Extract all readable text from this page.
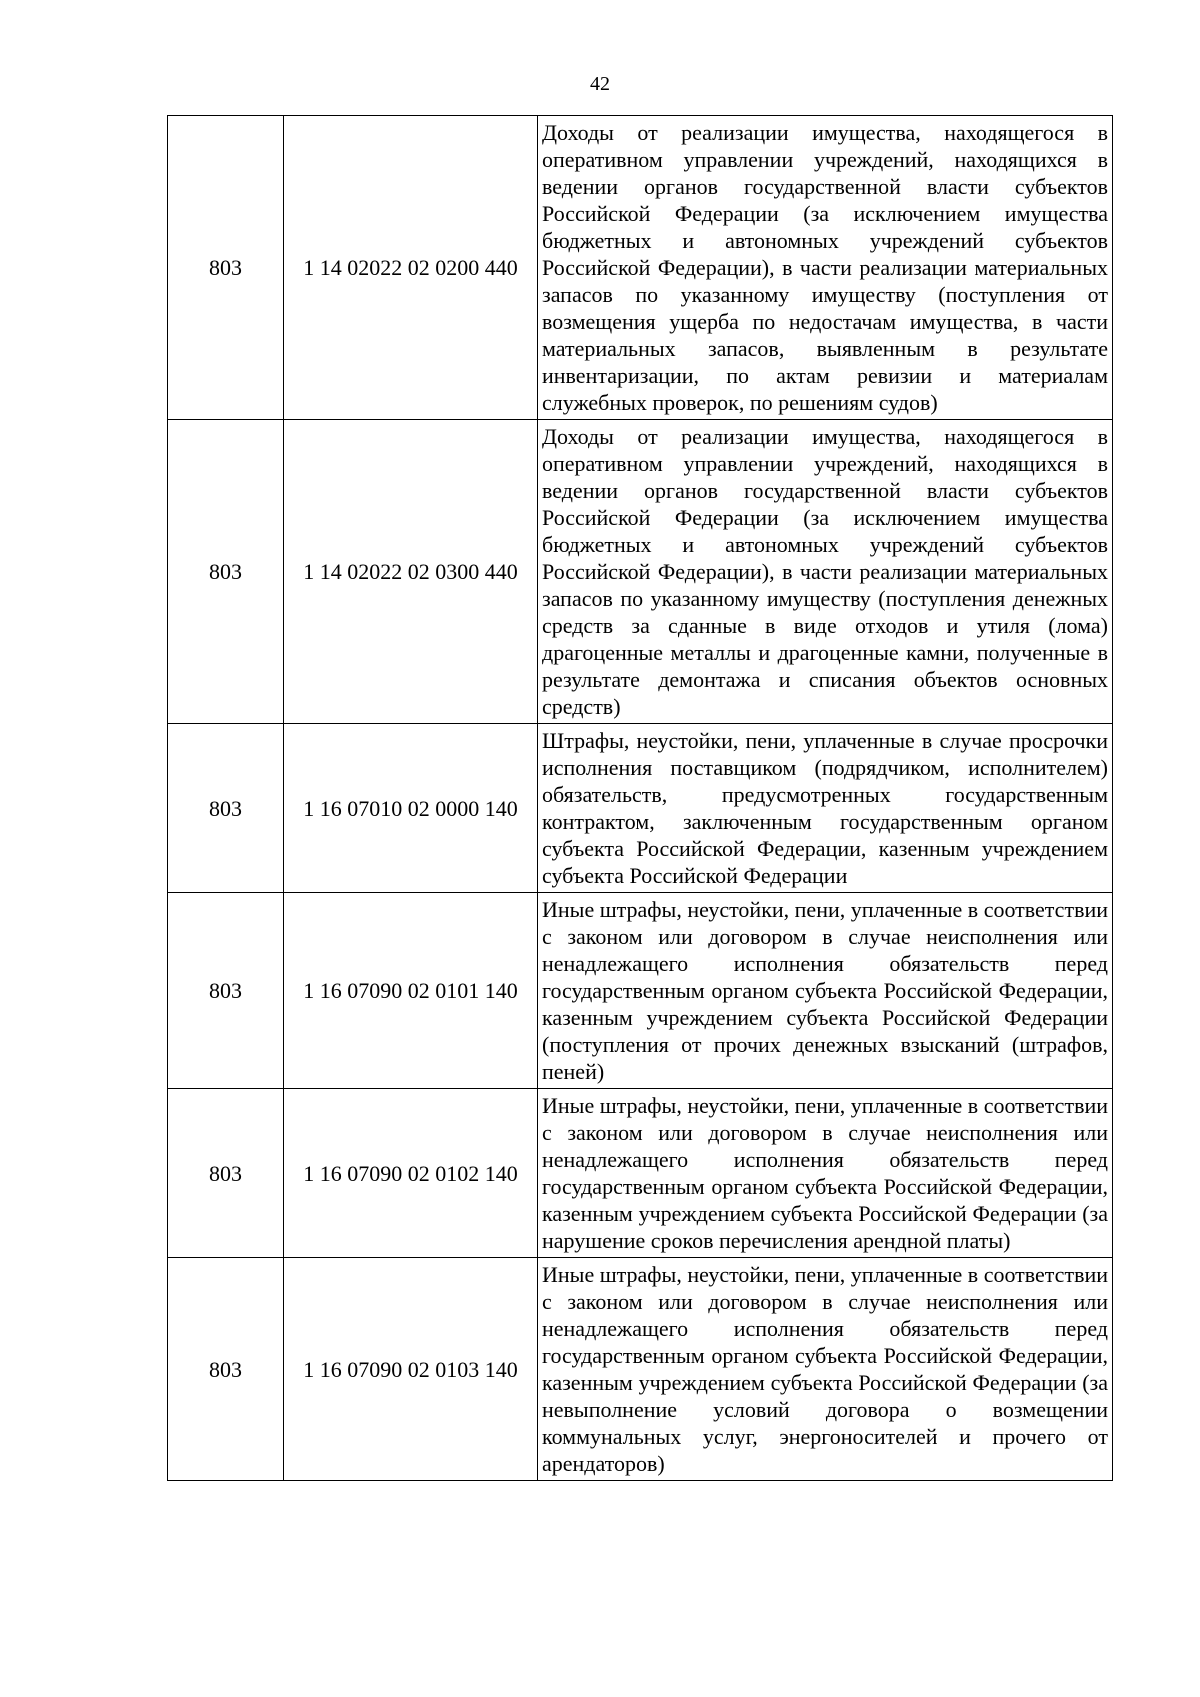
42
803	1 14 02022 02 0200 440	Доходы от реализации имущества, находящегося в оперативном управлении учреждений, находящихся в ведении органов государственной власти субъектов Российской Федерации (за исключением имущества бюджетных и автономных учреждений субъектов Российской Федерации), в части реализации материальных запасов по указанному имуществу (поступления от возмещения ущерба по недостачам имущества, в части материальных запасов, выявленным в результате инвентаризации, по актам ревизии и материалам служебных проверок, по решениям судов)
803	1 14 02022 02 0300 440	Доходы от реализации имущества, находящегося в оперативном управлении учреждений, находящихся в ведении органов государственной власти субъектов Российской Федерации (за исключением имущества бюджетных и автономных учреждений субъектов Российской Федерации), в части реализации материальных запасов по указанному имуществу (поступления денежных средств за сданные в виде отходов и утиля (лома) драгоценные металлы и драгоценные камни, полученные в результате демонтажа и списания объектов основных средств)
803	1 16 07010 02 0000 140	Штрафы, неустойки, пени, уплаченные в случае просрочки исполнения поставщиком (подрядчиком, исполнителем) обязательств, предусмотренных государственным контрактом, заключенным государственным органом субъекта Российской Федерации, казенным учреждением субъекта Российской Федерации
803	1 16 07090 02 0101 140	Иные штрафы, неустойки, пени, уплаченные в соответствии с законом или договором в случае неисполнения или ненадлежащего исполнения обязательств перед государственным органом субъекта Российской Федерации, казенным учреждением субъекта Российской Федерации (поступления от прочих денежных взысканий (штрафов, пеней)
803	1 16 07090 02 0102 140	Иные штрафы, неустойки, пени, уплаченные в соответствии с законом или договором в случае неисполнения или ненадлежащего исполнения обязательств перед государственным органом субъекта Российской Федерации, казенным учреждением субъекта Российской Федерации (за нарушение сроков перечисления арендной платы)
803	1 16 07090 02 0103 140	Иные штрафы, неустойки, пени, уплаченные в соответствии с законом или договором в случае неисполнения или ненадлежащего исполнения обязательств перед государственным органом субъекта Российской Федерации, казенным учреждением субъекта Российской Федерации (за невыполнение условий договора о возмещении коммунальных услуг, энергоносителей и прочего от арендаторов)
